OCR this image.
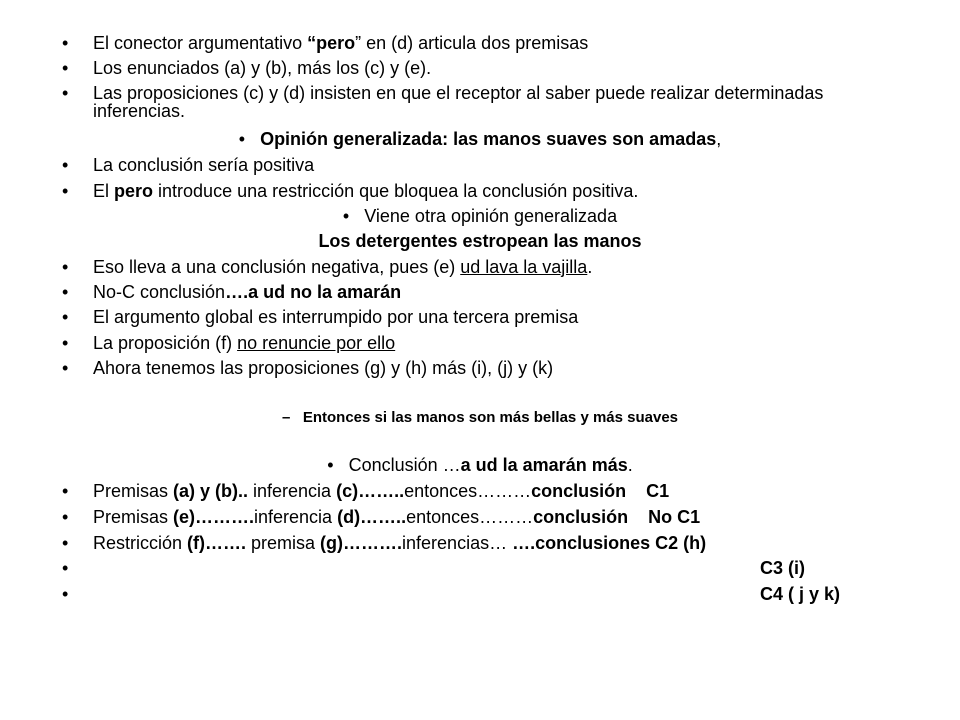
• El conector argumentativo “pero” en (d) articula dos premisas
• Los enunciados (a) y (b), más los (c) y (e).
• Las proposiciones (c) y (d) insisten en que el receptor al saber puede realizar determinadas inferencias.
• Opinión generalizada: las manos suaves son amadas,
• La conclusión sería positiva
• El pero introduce una restricción que bloquea la conclusión positiva.
• Viene otra opinión generalizada
Los detergentes estropean las manos
• Eso lleva a una conclusión negativa, pues (e) ud lava la vajilla.
• No-C conclusión….a ud no la amarán
• El argumento global es interrumpido por una tercera premisa
• La proposición (f) no renuncie por ello
• Ahora tenemos las proposiciones (g) y (h) más (i), (j) y (k)
– Entonces si las manos son más bellas y más suaves
• Conclusión …a ud la amarán más.
• Premisas (a) y (b).. inferencia (c)……..entonces………conclusión    C1
• Premisas (e)……….inferencia (d)……..entonces………conclusión    No C1
• Restricción (f)……. premisa (g)……….inferencias… ….conclusiones C2 (h)
•	C3 (i)
•	C4 ( j y k)
